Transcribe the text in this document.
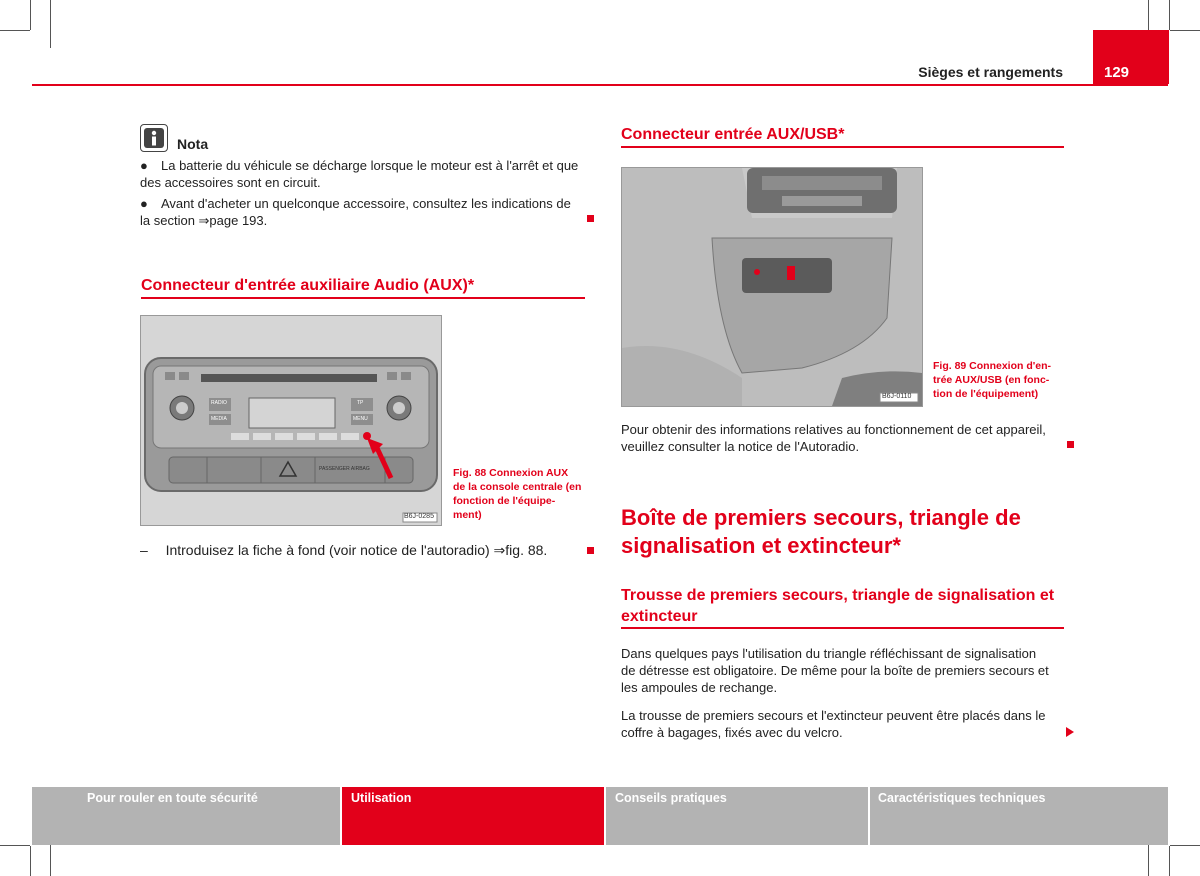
Sièges et rangements	129
Nota
● La batterie du véhicule se décharge lorsque le moteur est à l'arrêt et que
des accessoires sont en circuit.
● Avant d'acheter un quelconque accessoire, consultez les indications de
la section ⇒page 193.
Connecteur d'entrée auxiliaire Audio (AUX)*
B6J-0285
RADIO
MEDIA
TP
MENU
PASSENGER AIRBAG	Fig. 88 Connexion AUX
de la console centrale (en
fonction de l'équipe-
ment)
– Introduisez la fiche à fond (voir notice de l'autoradio) ⇒fig. 88.
Connecteur entrée AUX/USB*
B6J-0110
Fig. 89 Connexion d'en-
trée AUX/USB (en fonc-
tion de l'équipement)
Pour obtenir des informations relatives au fonctionnement de cet appareil,
veuillez consulter la notice de l'Autoradio.
Boîte de premiers secours, triangle de
signalisation et extincteur*
Trousse de premiers secours, triangle de signalisation et
extincteur
Dans quelques pays l'utilisation du triangle réfléchissant de signalisation
de détresse est obligatoire. De même pour la boîte de premiers secours et
les ampoules de rechange.
La trousse de premiers secours et l'extincteur peuvent être placés dans le
coffre à bagages, fixés avec du velcro.
Pour rouler en toute sécurité	Utilisation	Conseils pratiques	Caractéristiques techniques
